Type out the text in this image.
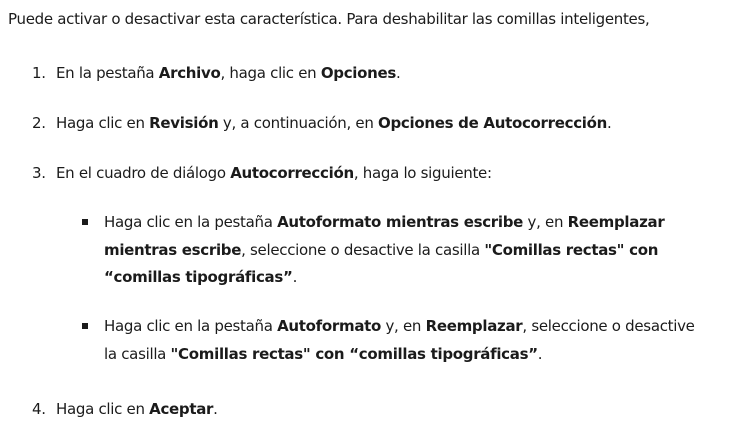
Puede activar o desactivar esta característica. Para deshabilitar las comillas inteligentes,
1. En la pestaña Archivo, haga clic en Opciones.
2. Haga clic en Revisión y, a continuación, en Opciones de Autocorrección.
3. En el cuadro de diálogo Autocorrección, haga lo siguiente:
Haga clic en la pestaña Autoformato mientras escribe y, en Reemplazar mientras escribe, seleccione o desactive la casilla "Comillas rectas" con “comillas tipográficas”.
Haga clic en la pestaña Autoformato y, en Reemplazar, seleccione o desactive la casilla "Comillas rectas" con “comillas tipográficas”.
4. Haga clic en Aceptar.
